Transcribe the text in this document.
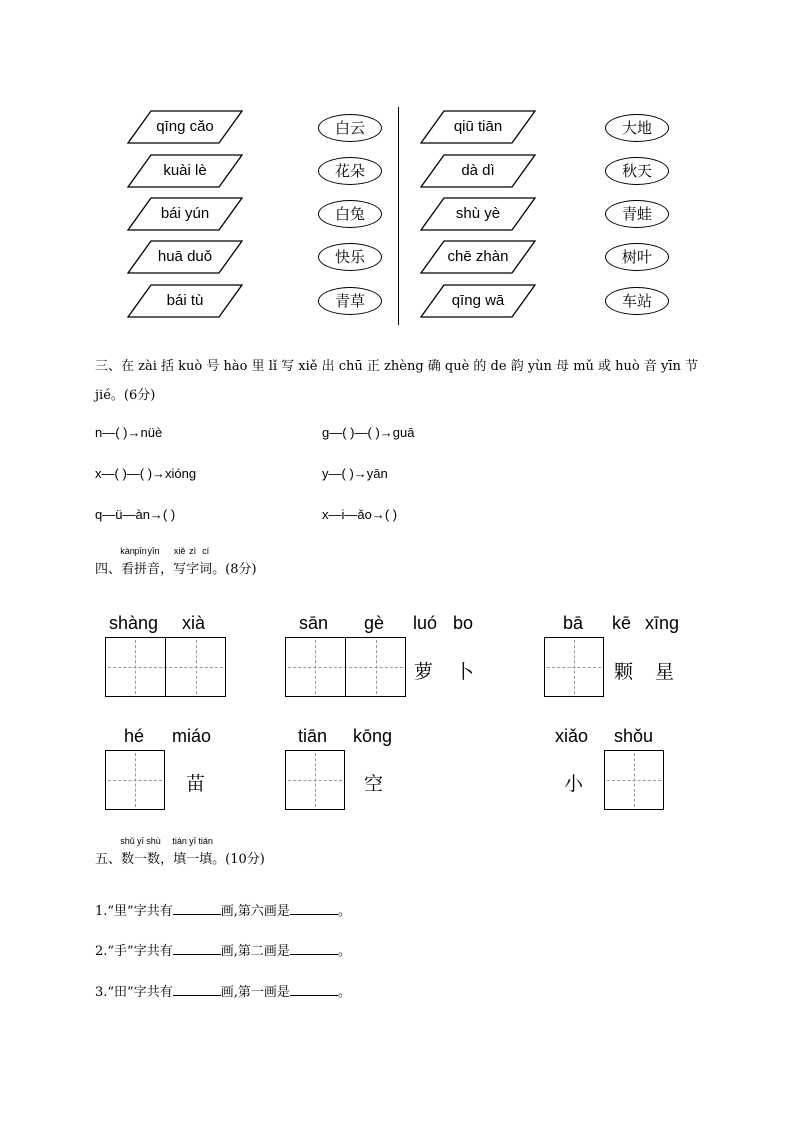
qīng cǎo
kuài lè
bái yún
huā duǒ
bái tù
白云
花朵
白兔
快乐
青草
qiū tiān
dà dì
shù yè
chē zhàn
qīng wā
大地
秋天
青蛙
树叶
车站
三、在 zài 括 kuò 号 hào 里 lǐ 写 xiě 出 chū 正 zhèng 确 què 的 de 韵 yùn 母 mǔ 或 huò 音 yīn 节
jié。(6分)
n—( )→nüè	g—( )—( )→guā
x—( )—( )→xióng	y—( )→yān
q—ü—àn→( )	x—i—ǎo→( )
四、
kàn
看
pīn
拼
yīn
音，
xiě
写
zì
字
cí
词。(8分)
shàng xià	sān gè luó bo
萝 卜
bā kē xīng
颗 星
hé miáo
苗
tiān kōng
空
xiǎo shǒu
小
五、
shǔ
数
yī
一
shù
数，
tián
填
yī
一
tián
填。(10分)
1.“里”字共有	画,第六画是	。
2.“手”字共有	画,第二画是	。
3.“田”字共有	画,第一画是	。
